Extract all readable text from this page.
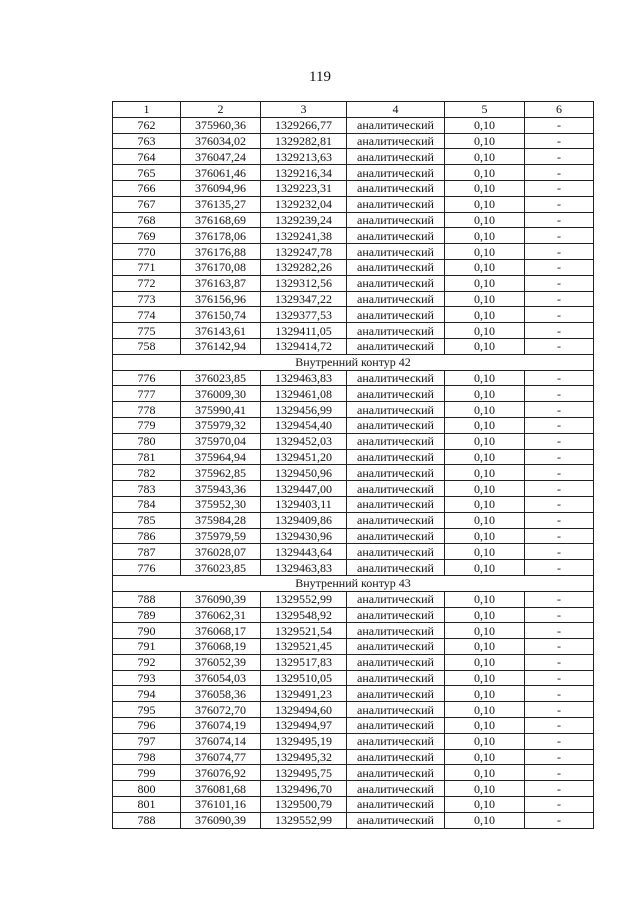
119
1	2	3	4	5	6
762	375960,36	1329266,77	аналитический	0,10	-
763	376034,02	1329282,81	аналитический	0,10	-
764	376047,24	1329213,63	аналитический	0,10	-
765	376061,46	1329216,34	аналитический	0,10	-
766	376094,96	1329223,31	аналитический	0,10	-
767	376135,27	1329232,04	аналитический	0,10	-
768	376168,69	1329239,24	аналитический	0,10	-
769	376178,06	1329241,38	аналитический	0,10	-
770	376176,88	1329247,78	аналитический	0,10	-
771	376170,08	1329282,26	аналитический	0,10	-
772	376163,87	1329312,56	аналитический	0,10	-
773	376156,96	1329347,22	аналитический	0,10	-
774	376150,74	1329377,53	аналитический	0,10	-
775	376143,61	1329411,05	аналитический	0,10	-
758	376142,94	1329414,72	аналитический	0,10	-
Внутренний контур 42					
776	376023,85	1329463,83	аналитический	0,10	-
777	376009,30	1329461,08	аналитический	0,10	-
778	375990,41	1329456,99	аналитический	0,10	-
779	375979,32	1329454,40	аналитический	0,10	-
780	375970,04	1329452,03	аналитический	0,10	-
781	375964,94	1329451,20	аналитический	0,10	-
782	375962,85	1329450,96	аналитический	0,10	-
783	375943,36	1329447,00	аналитический	0,10	-
784	375952,30	1329403,11	аналитический	0,10	-
785	375984,28	1329409,86	аналитический	0,10	-
786	375979,59	1329430,96	аналитический	0,10	-
787	376028,07	1329443,64	аналитический	0,10	-
776	376023,85	1329463,83	аналитический	0,10	-
Внутренний контур 43					
788	376090,39	1329552,99	аналитический	0,10	-
789	376062,31	1329548,92	аналитический	0,10	-
790	376068,17	1329521,54	аналитический	0,10	-
791	376068,19	1329521,45	аналитический	0,10	-
792	376052,39	1329517,83	аналитический	0,10	-
793	376054,03	1329510,05	аналитический	0,10	-
794	376058,36	1329491,23	аналитический	0,10	-
795	376072,70	1329494,60	аналитический	0,10	-
796	376074,19	1329494,97	аналитический	0,10	-
797	376074,14	1329495,19	аналитический	0,10	-
798	376074,77	1329495,32	аналитический	0,10	-
799	376076,92	1329495,75	аналитический	0,10	-
800	376081,68	1329496,70	аналитический	0,10	-
801	376101,16	1329500,79	аналитический	0,10	-
788	376090,39	1329552,99	аналитический	0,10	-
